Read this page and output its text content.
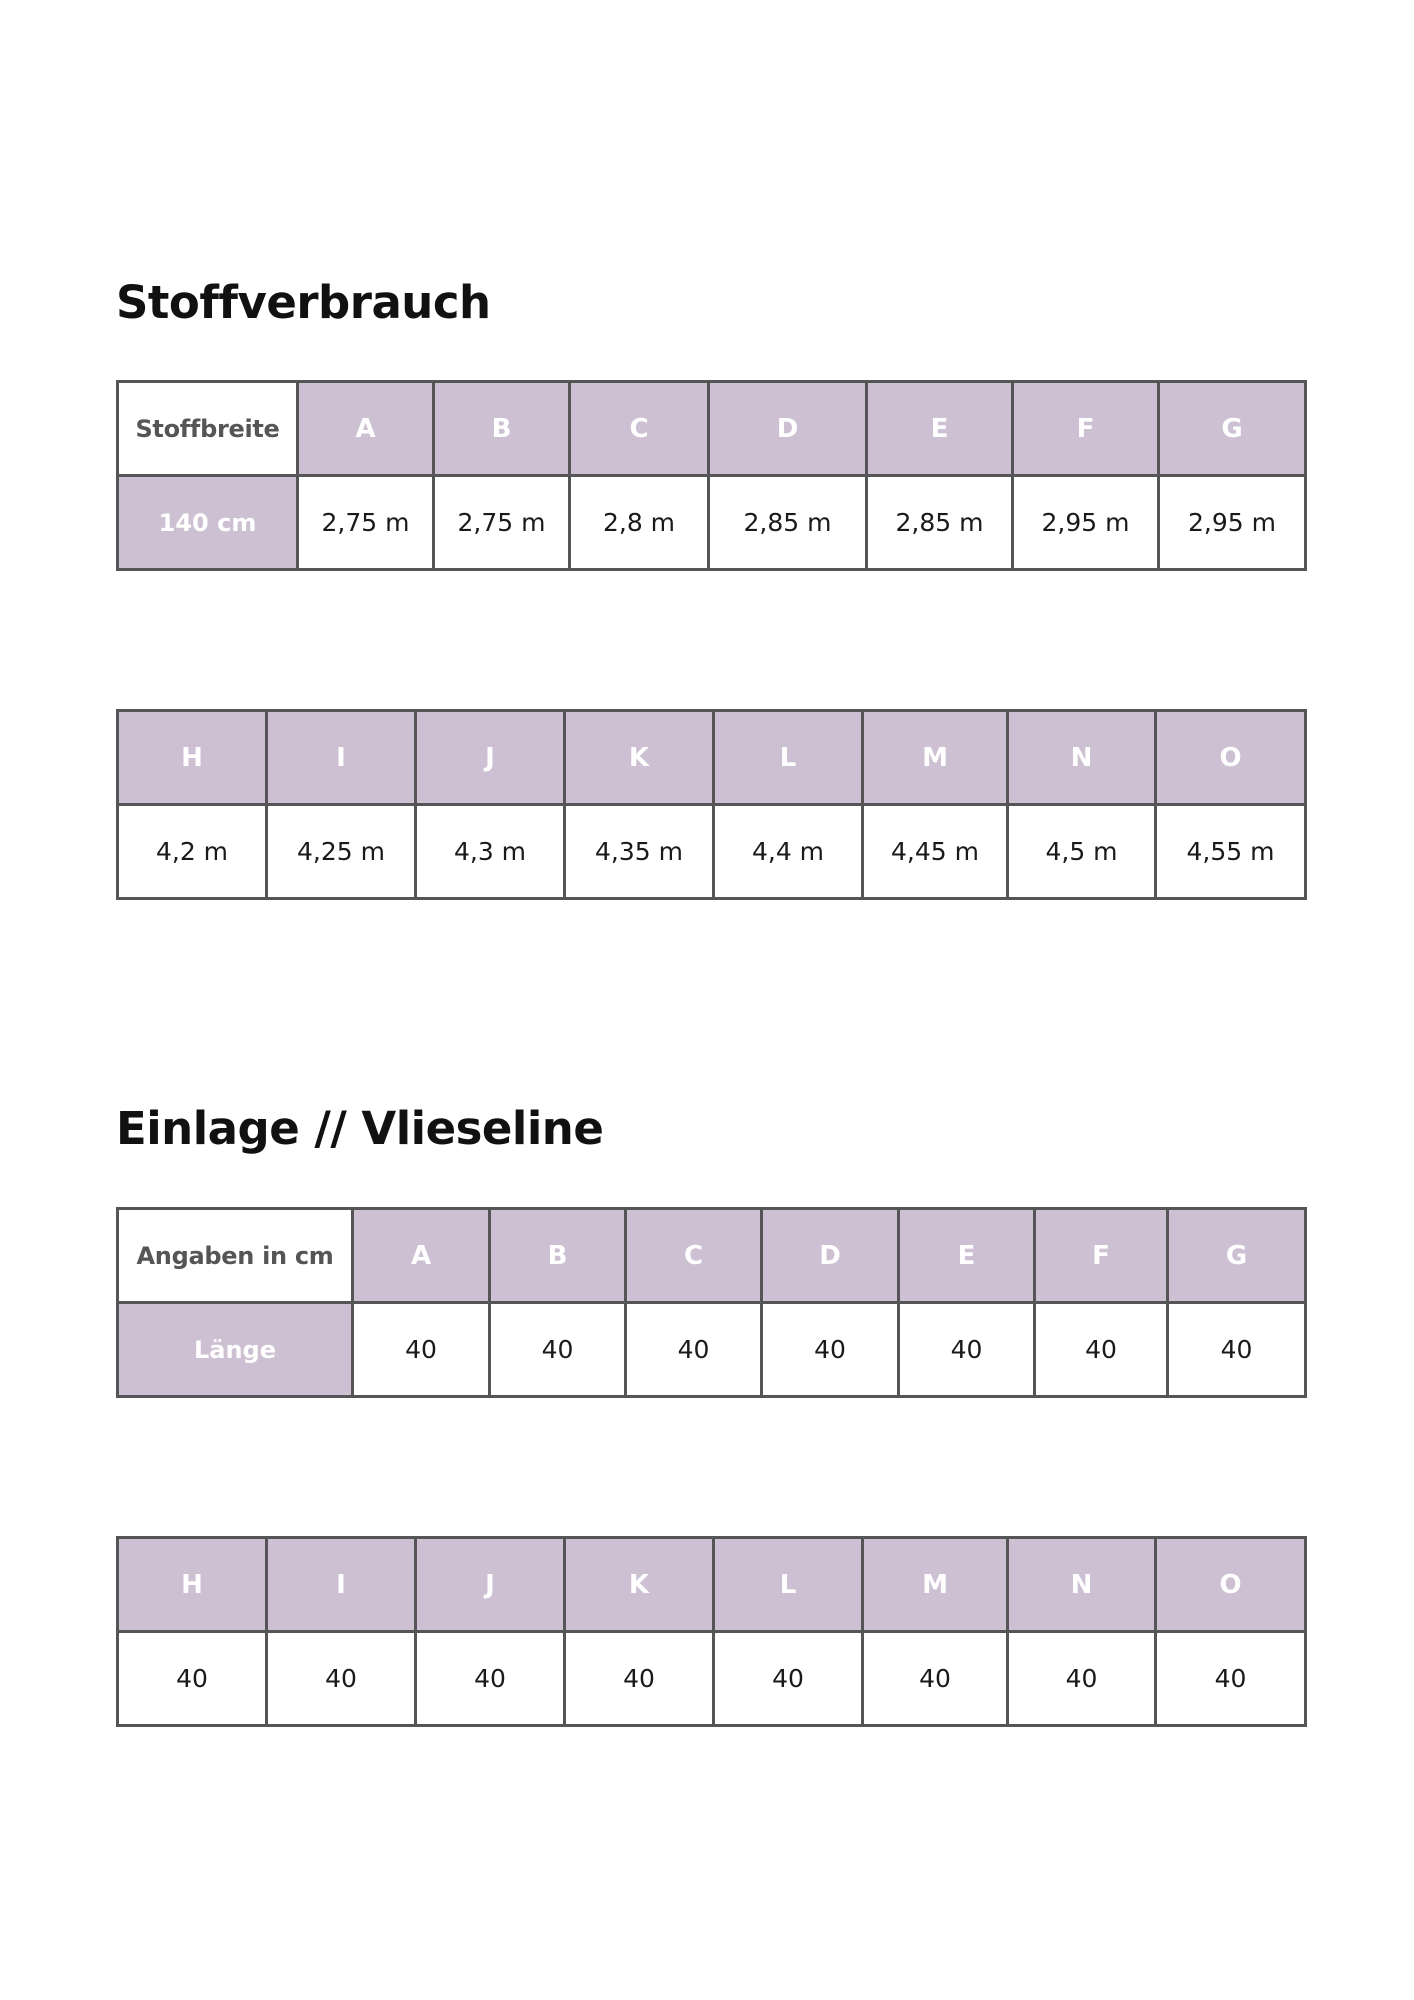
Stoffverbrauch
Stoffbreite	A	B	C	D	E	F	G
140 cm	2,75 m	2,75 m	2,8 m	2,85 m	2,85 m	2,95 m	2,95 m
H	I	J	K	L	M	N	O
4,2 m	4,25 m	4,3 m	4,35 m	4,4 m	4,45 m	4,5 m	4,55 m
Einlage // Vlieseline
Angaben in cm	A	B	C	D	E	F	G
Länge	40	40	40	40	40	40	40
H	I	J	K	L	M	N	O
40	40	40	40	40	40	40	40
